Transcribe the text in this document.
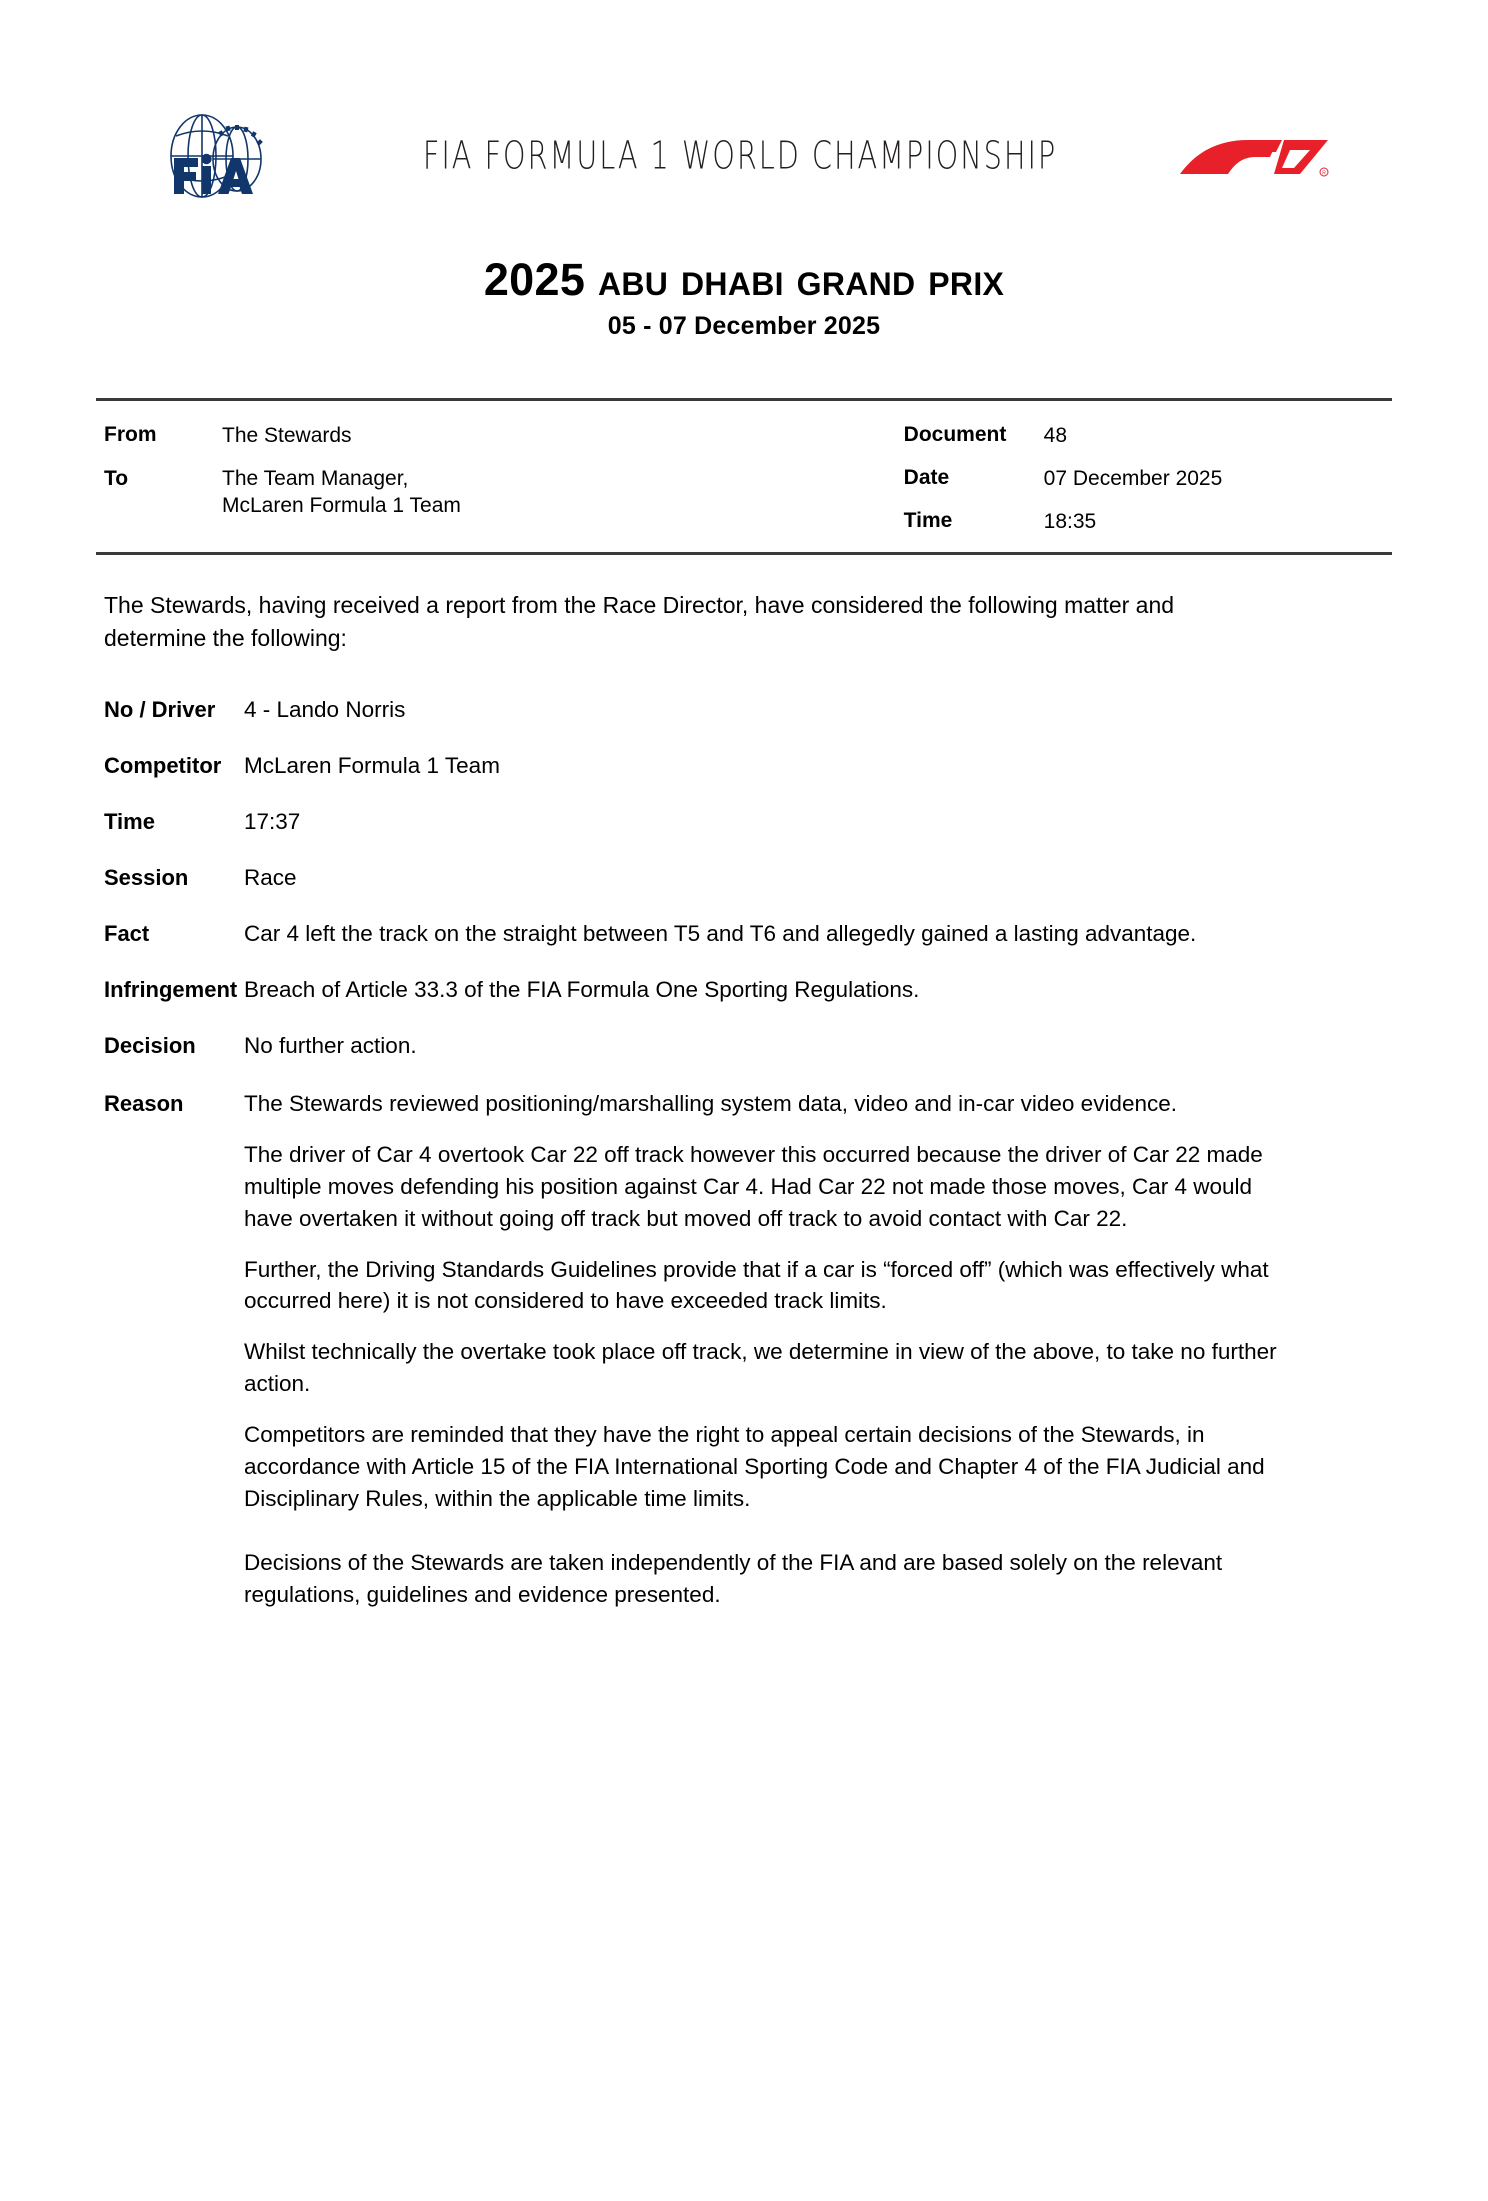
FIA FORMULA 1 WORLD CHAMPIONSHIP	R
2025 abu dhabi grand prix
05 - 07 December 2025
From	The Stewards
To	The Team Manager,
McLaren Formula 1 Team
Document	48
Date	07 December 2025
Time	18:35
The Stewards, having received a report from the Race Director, have considered the following matter and determine the following:
No / Driver	4 - Lando Norris
Competitor	McLaren Formula 1 Team
Time	17:37
Session	Race
Fact	Car 4 left the track on the straight between T5 and T6 and allegedly gained a lasting advantage.
Infringement Breach of Article 33.3 of the FIA Formula One Sporting Regulations.
Decision	No further action.
Reason	The Stewards reviewed positioning/marshalling system data, video and in-car video evidence.

The driver of Car 4 overtook Car 22 off track however this occurred because the driver of Car 22 made multiple moves defending his position against Car 4. Had Car 22 not made those moves, Car 4 would have overtaken it without going off track but moved off track to avoid contact with Car 22.

Further, the Driving Standards Guidelines provide that if a car is “forced off” (which was effectively what occurred here) it is not considered to have exceeded track limits.

Whilst technically the overtake took place off track, we determine in view of the above, to take no further action.

Competitors are reminded that they have the right to appeal certain decisions of the Stewards, in accordance with Article 15 of the FIA International Sporting Code and Chapter 4 of the FIA Judicial and Disciplinary Rules, within the applicable time limits.

Decisions of the Stewards are taken independently of the FIA and are based solely on the relevant regulations, guidelines and evidence presented.
